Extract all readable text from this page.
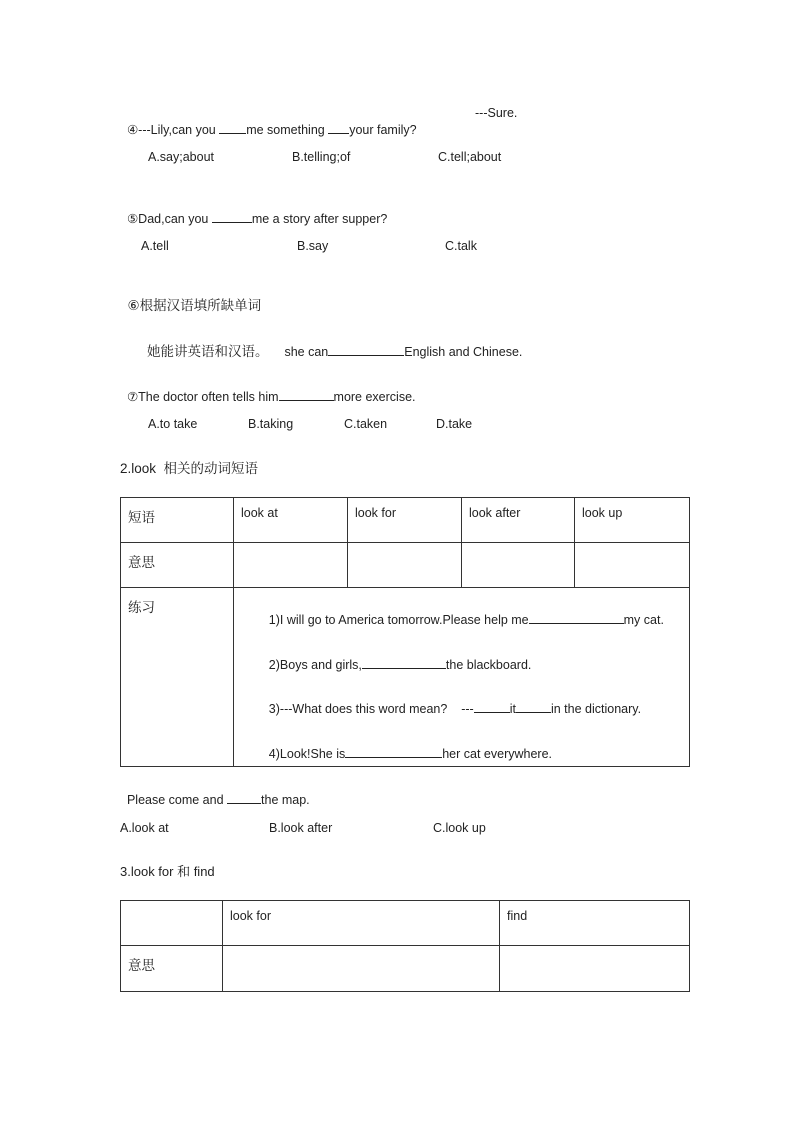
④---Lily,can you me something your family?

---Sure.
A.say;about	B.telling;of	C.tell;about

⑤Dad,can you	me a story after supper?

A.tell	B.say	C.talk

⑥根据汉语填所缺单词

她能讲英语和汉语。 she can	English and Chinese.

⑦The doctor often tells him	more exercise.

A.to take	B.taking	C.taken	D.take
2.look  相关的动词短语
短语	look at	look for	look after	look up
意思				
练习	1)I will go to America tomorrow.Please help me my cat.

2)Boys and girls, the blackboard.

3)---What does this word mean?    --- it in the dictionary.

4)Look!She is her cat everywhere.			

Please come and	the map.

A.look at	B.look after	C.look up
3.look for 和 find
	look for	find
意思		
